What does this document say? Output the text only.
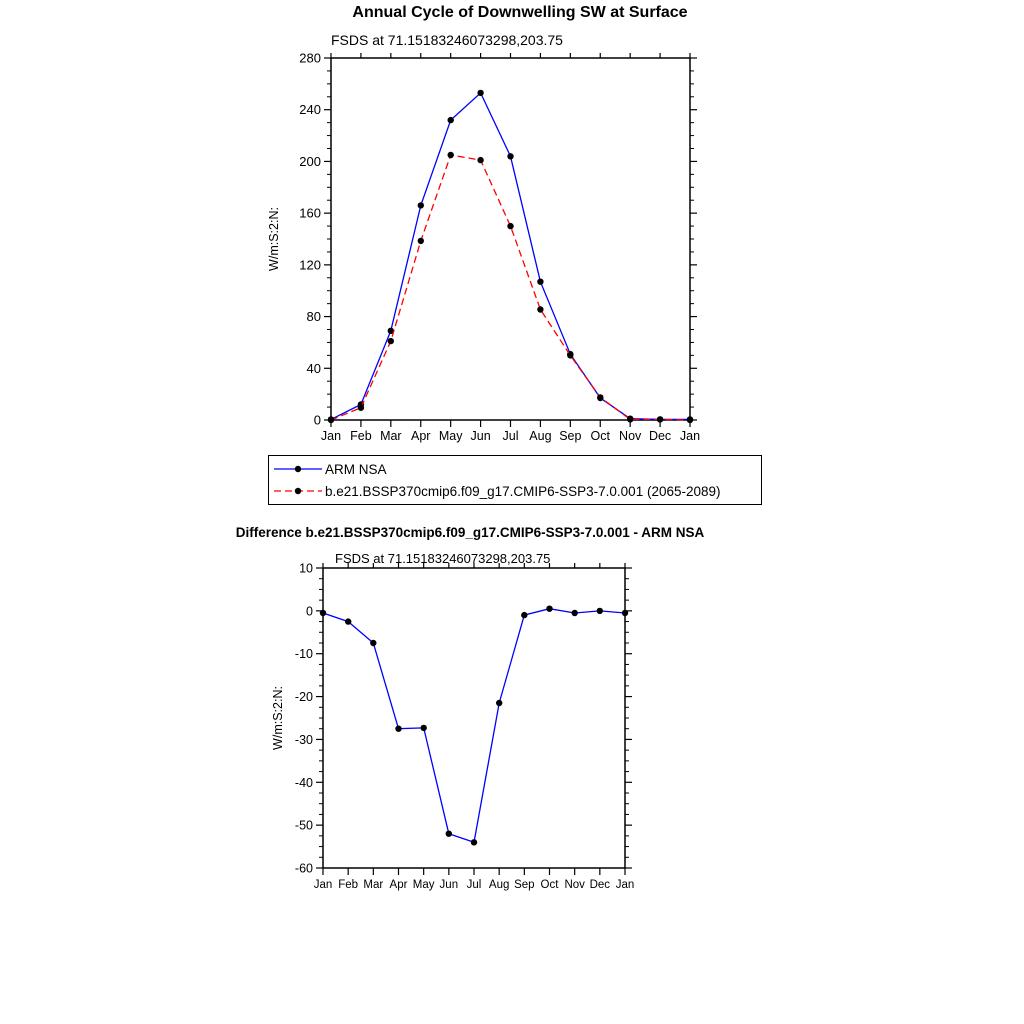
0
40
80
120
160
200
240
280
Jan Feb Mar Apr May Jun Jul Aug Sep Oct Nov Dec Jan
W/m:S:2:N:
Annual Cycle of Downwelling SW at Surface
FSDS at 71.15183246073298,203.75
ARM NSA
b.e21.BSSP370cmip6.f09_g17.CMIP6-SSP3-7.0.001 (2065-2089)
-60
-50
-40
-30
-20
-10
0
10
Jan Feb Mar Apr May Jun Jul Aug Sep Oct Nov Dec Jan
W/m:S:2:N:
Difference b.e21.BSSP370cmip6.f09_g17.CMIP6-SSP3-7.0.001 - ARM NSA
FSDS at 71.15183246073298,203.75
